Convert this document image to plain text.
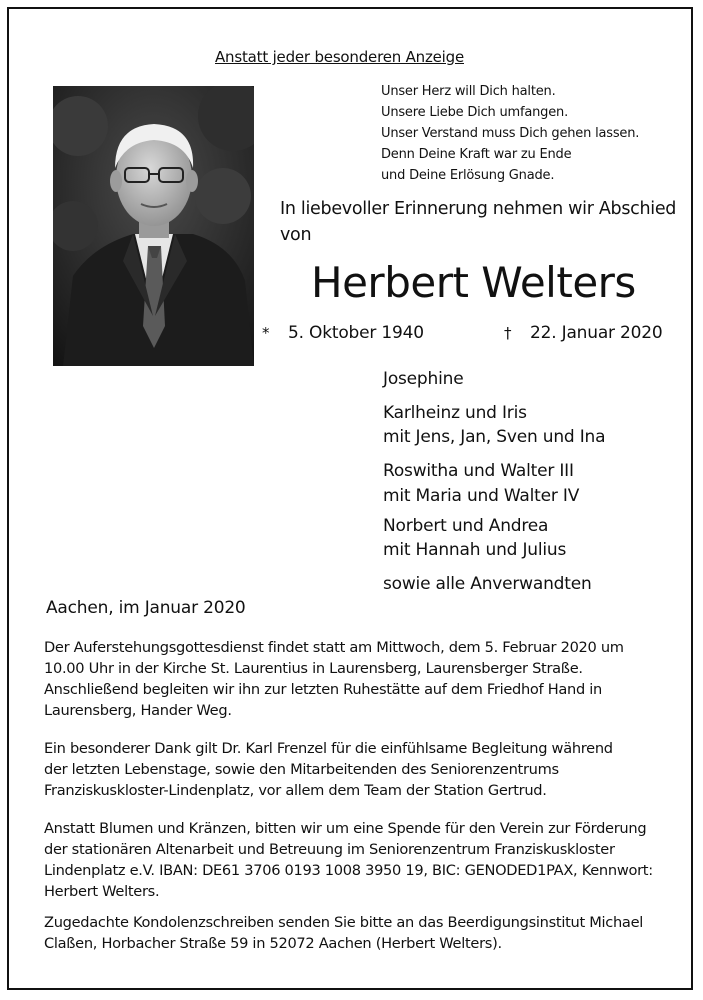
Anstatt jeder besonderen Anzeige
Unser Herz will Dich halten.
Unsere Liebe Dich umfangen.
Unser Verstand muss Dich gehen lassen.
Denn Deine Kraft war zu Ende
und Deine Erlösung Gnade.
In liebevoller Erinnerung nehmen wir Abschied
von
Herbert Welters
* 5. Oktober 1940	† 22. Januar 2020
Josephine
Karlheinz und Iris
mit Jens, Jan, Sven und Ina
Roswitha und Walter III
mit Maria und Walter IV
Norbert und Andrea
mit Hannah und Julius
sowie alle Anverwandten
Aachen, im Januar 2020
Der Auferstehungsgottesdienst findet statt am Mittwoch, dem 5. Februar 2020 um
10.00 Uhr in der Kirche St. Laurentius in Laurensberg, Laurensberger Straße.
Anschließend begleiten wir ihn zur letzten Ruhestätte auf dem Friedhof Hand in
Laurensberg, Hander Weg.
Ein besonderer Dank gilt Dr. Karl Frenzel für die einfühlsame Begleitung während
der letzten Lebenstage, sowie den Mitarbeitenden des Seniorenzentrums
Franziskuskloster-Lindenplatz, vor allem dem Team der Station Gertrud.
Anstatt Blumen und Kränzen, bitten wir um eine Spende für den Verein zur Förderung
der stationären Altenarbeit und Betreuung im Seniorenzentrum Franziskuskloster
Lindenplatz e.V. IBAN: DE61 3706 0193 1008 3950 19, BIC: GENODED1PAX, Kennwort:
Herbert Welters.
Zugedachte Kondolenzschreiben senden Sie bitte an das Beerdigungsinstitut Michael
Claßen, Horbacher Straße 59 in 52072 Aachen (Herbert Welters).
